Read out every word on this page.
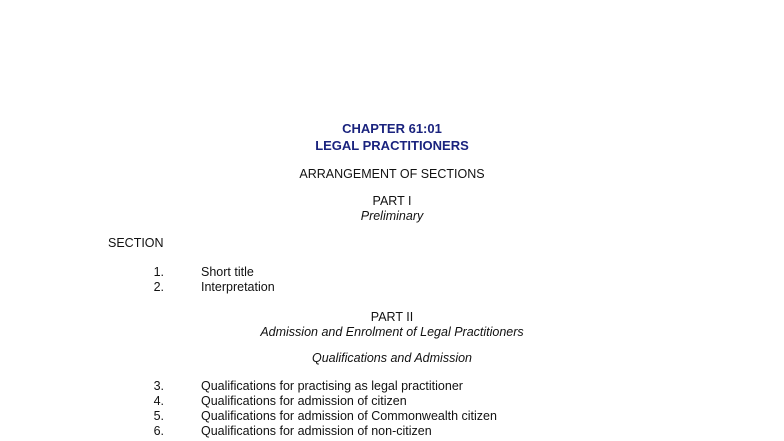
CHAPTER 61:01
LEGAL PRACTITIONERS
ARRANGEMENT OF SECTIONS
PART I
Preliminary
SECTION
1.	Short title
2.	Interpretation
PART II
Admission and Enrolment of Legal Practitioners
Qualifications and Admission
3.	Qualifications for practising as legal practitioner
4.	Qualifications for admission of citizen
5.	Qualifications for admission of Commonwealth citizen
6.	Qualifications for admission of non-citizen
